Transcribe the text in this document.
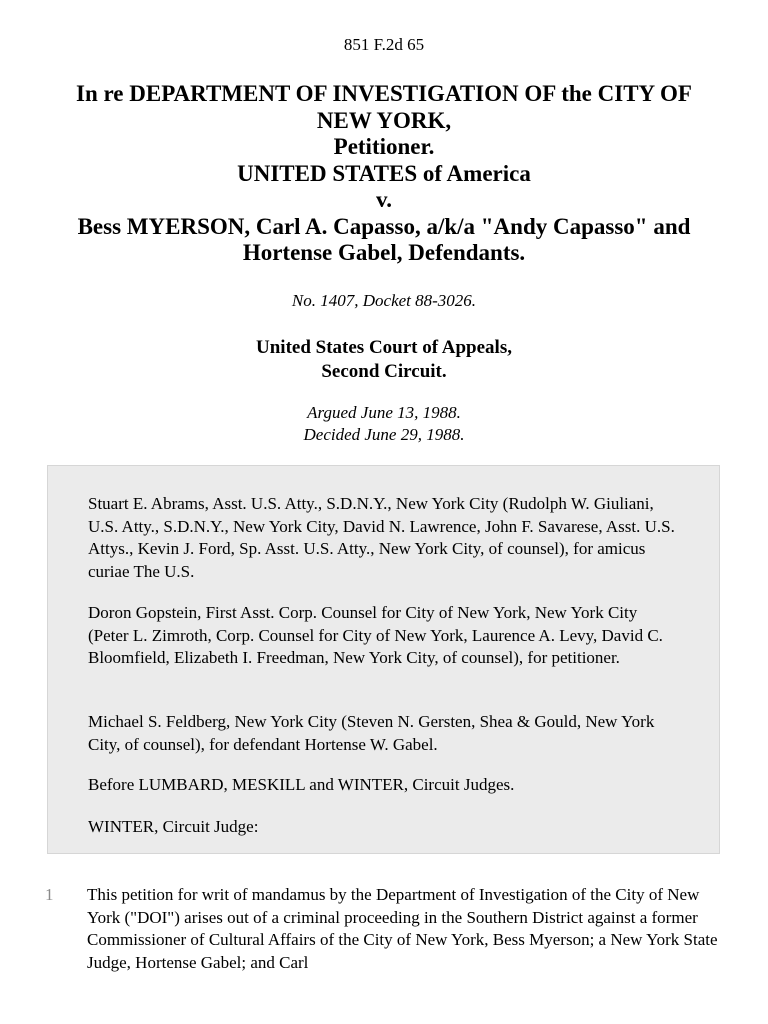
851 F.2d 65
In re DEPARTMENT OF INVESTIGATION OF the CITY OF
NEW YORK,
Petitioner.
UNITED STATES of America
v.
Bess MYERSON, Carl A. Capasso, a/k/a "Andy Capasso" and
Hortense Gabel, Defendants.
No. 1407, Docket 88-3026.
United States Court of Appeals,
Second Circuit.
Argued June 13, 1988.
Decided June 29, 1988.

Stuart E. Abrams, Asst. U.S. Atty., S.D.N.Y., New York City (Rudolph W. Giuliani, U.S. Atty., S.D.N.Y., New York City, David N. Lawrence, John F. Savarese, Asst. U.S. Attys., Kevin J. Ford, Sp. Asst. U.S. Atty., New York City, of counsel), for amicus curiae The U.S.

Doron Gopstein, First Asst. Corp. Counsel for City of New York, New York City (Peter L. Zimroth, Corp. Counsel for City of New York, Laurence A. Levy, David C. Bloomfield, Elizabeth I. Freedman, New York City, of counsel), for petitioner.

Michael S. Feldberg, New York City (Steven N. Gersten, Shea & Gould, New York City, of counsel), for defendant Hortense W. Gabel.

Before LUMBARD, MESKILL and WINTER, Circuit Judges.

WINTER, Circuit Judge:

1 This petition for writ of mandamus by the Department of Investigation of the City of New York ("DOI") arises out of a criminal proceeding in the Southern District against a former Commissioner of Cultural Affairs of the City of New York, Bess Myerson; a New York State Judge, Hortense Gabel; and Carl
